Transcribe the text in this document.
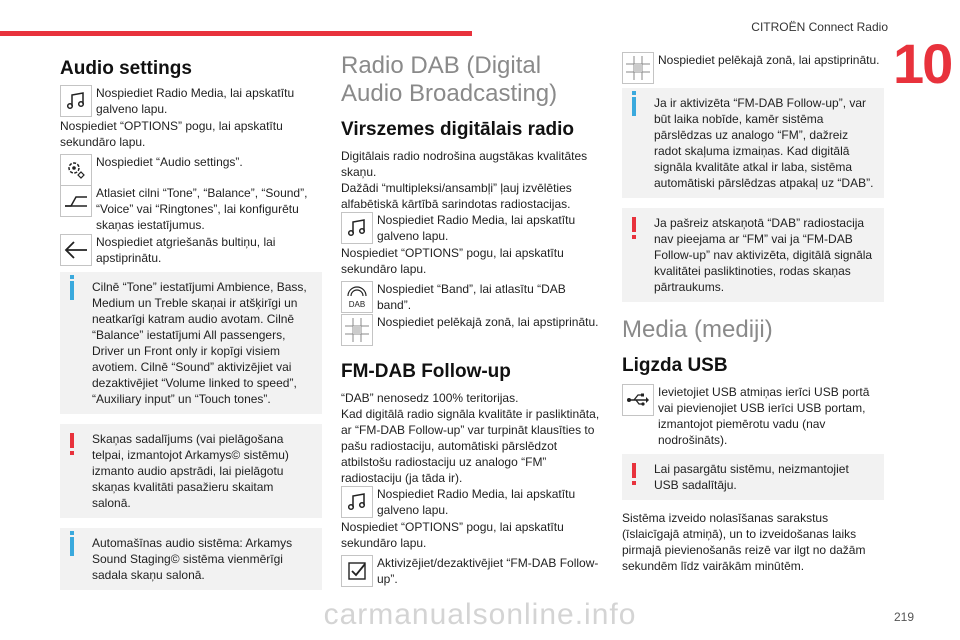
CITROËN Connect Radio
10
Audio settings

Nospiediet Radio Media, lai apskatītu galveno lapu.

Nospiediet “OPTIONS” pogu, lai apskatītu sekundāro lapu.

Nospiediet “Audio settings”.

Atlasiet cilni “Tone”, “Balance”, “Sound”, “Voice” vai “Ringtones”, lai konfigurētu skaņas iestatījumus.

Nospiediet atgriešanās bultiņu, lai apstiprinātu.

Cilnē “Tone” iestatījumi Ambience, Bass, Medium un Treble skaņai ir atšķirīgi un neatkarīgi katram audio avotam. Cilnē “Balance” iestatījumi All passengers, Driver un Front only ir kopīgi visiem avotiem. Cilnē “Sound” aktivizējiet vai dezaktivējiet “Volume linked to speed”, “Auxiliary input” un “Touch tones”.

Skaņas sadalījums (vai pielāgošana telpai, izmantojot Arkamys© sistēmu) izmanto audio apstrādi, lai pielāgotu skaņas kvalitāti pasažieru skaitam salonā.

Automašīnas audio sistēma: Arkamys Sound Staging© sistēma vienmērīgi sadala skaņu salonā.

Radio DAB (Digital Audio Broadcasting)
Virszemes digitālais radio

Digitālais radio nodrošina augstākas kvalitātes skaņu.

Dažādi “multipleksi/ansambļi” ļauj izvēlēties alfabētiskā kārtībā sarindotas radiostacijas.

Nospiediet Radio Media, lai apskatītu galveno lapu.

Nospiediet “OPTIONS” pogu, lai apskatītu sekundāro lapu.

DAB

Nospiediet “Band”, lai atlasītu “DAB band”.

Nospiediet pelēkajā zonā, lai apstiprinātu.

FM-DAB Follow-up

“DAB” nenosedz 100% teritorijas.

Kad digitālā radio signāla kvalitāte ir pasliktināta, ar “FM-DAB Follow-up” var turpināt klausīties to pašu radiostaciju, automātiski pārslēdzot atbilstošu radiostaciju uz analogo “FM” radiostaciju (ja tāda ir).

Nospiediet Radio Media, lai apskatītu galveno lapu.

Nospiediet “OPTIONS” pogu, lai apskatītu sekundāro lapu.

Aktivizējiet/dezaktivējiet “FM-DAB Follow-up”.

Nospiediet pelēkajā zonā, lai apstiprinātu.

Ja ir aktivizēta “FM-DAB Follow-up”, var būt laika nobīde, kamēr sistēma pārslēdzas uz analogo “FM”, dažreiz radot skaļuma izmaiņas. Kad digitālā signāla kvalitāte atkal ir laba, sistēma automātiski pārslēdzas atpakaļ uz “DAB”.

Ja pašreiz atskaņotā “DAB” radiostacija nav pieejama ar “FM” vai ja “FM-DAB Follow-up” nav aktivizēta, digitālā signāla kvalitātei pasliktinoties, rodas skaņas pārtraukums.

Media (mediji)
Ligzda USB

Ievietojiet USB atmiņas ierīci USB portā vai pievienojiet USB ierīci USB portam, izmantojot piemērotu vadu (nav nodrošināts).

Lai pasargātu sistēmu, neizmantojiet USB sadalītāju.

Sistēma izveido nolasīšanas sarakstus (īslaicīgajā atmiņā), un to izveidošanas laiks pirmajā pievienošanās reizē var ilgt no dažām sekundēm līdz vairākām minūtēm.

carmanualsonline.info	219
